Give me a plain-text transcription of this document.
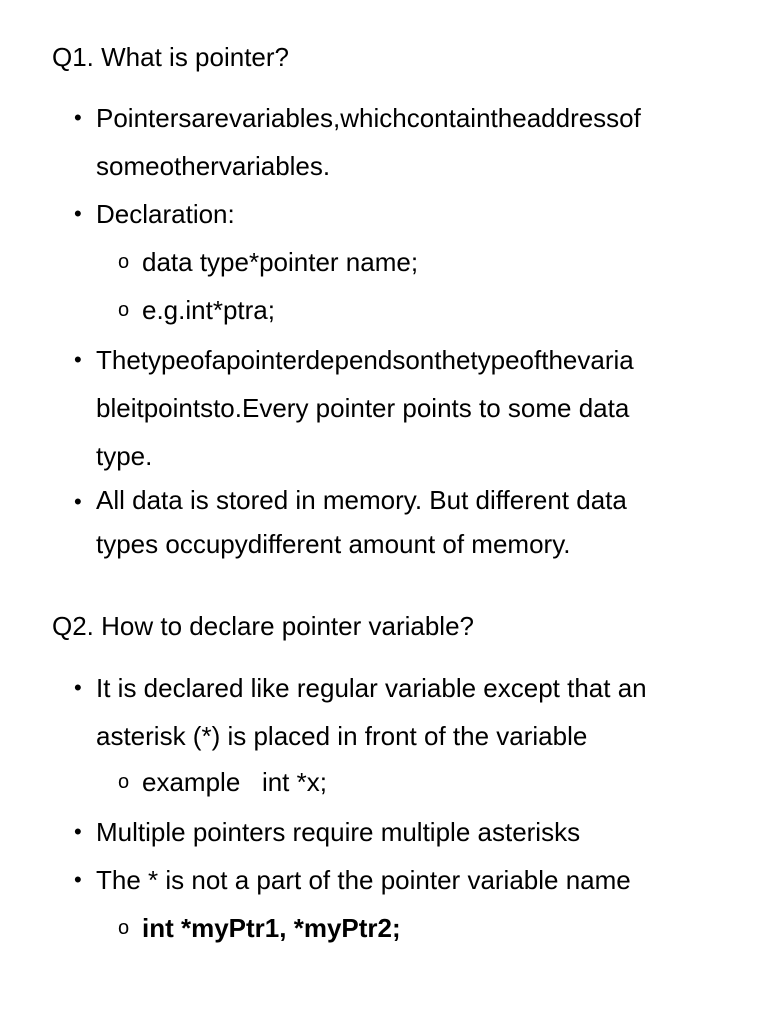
Q1. What is pointer?
• Pointersarevariables,whichcontaintheaddressof
someothervariables.
• Declaration:
o data type*pointer name;
o e.g.int*ptra;
• Thetypeofapointerdependsonthetypeofthevaria
bleitpointsto.Every pointer points to some data
type.
• All data is stored in memory. But different data
types occupydifferent amount of memory.
Q2. How to declare pointer variable?
• It is declared like regular variable except that an
asterisk (*) is placed in front of the variable
o example   int *x;
• Multiple pointers require multiple asterisks
• The * is not a part of the pointer variable name
o int *myPtr1, *myPtr2;
